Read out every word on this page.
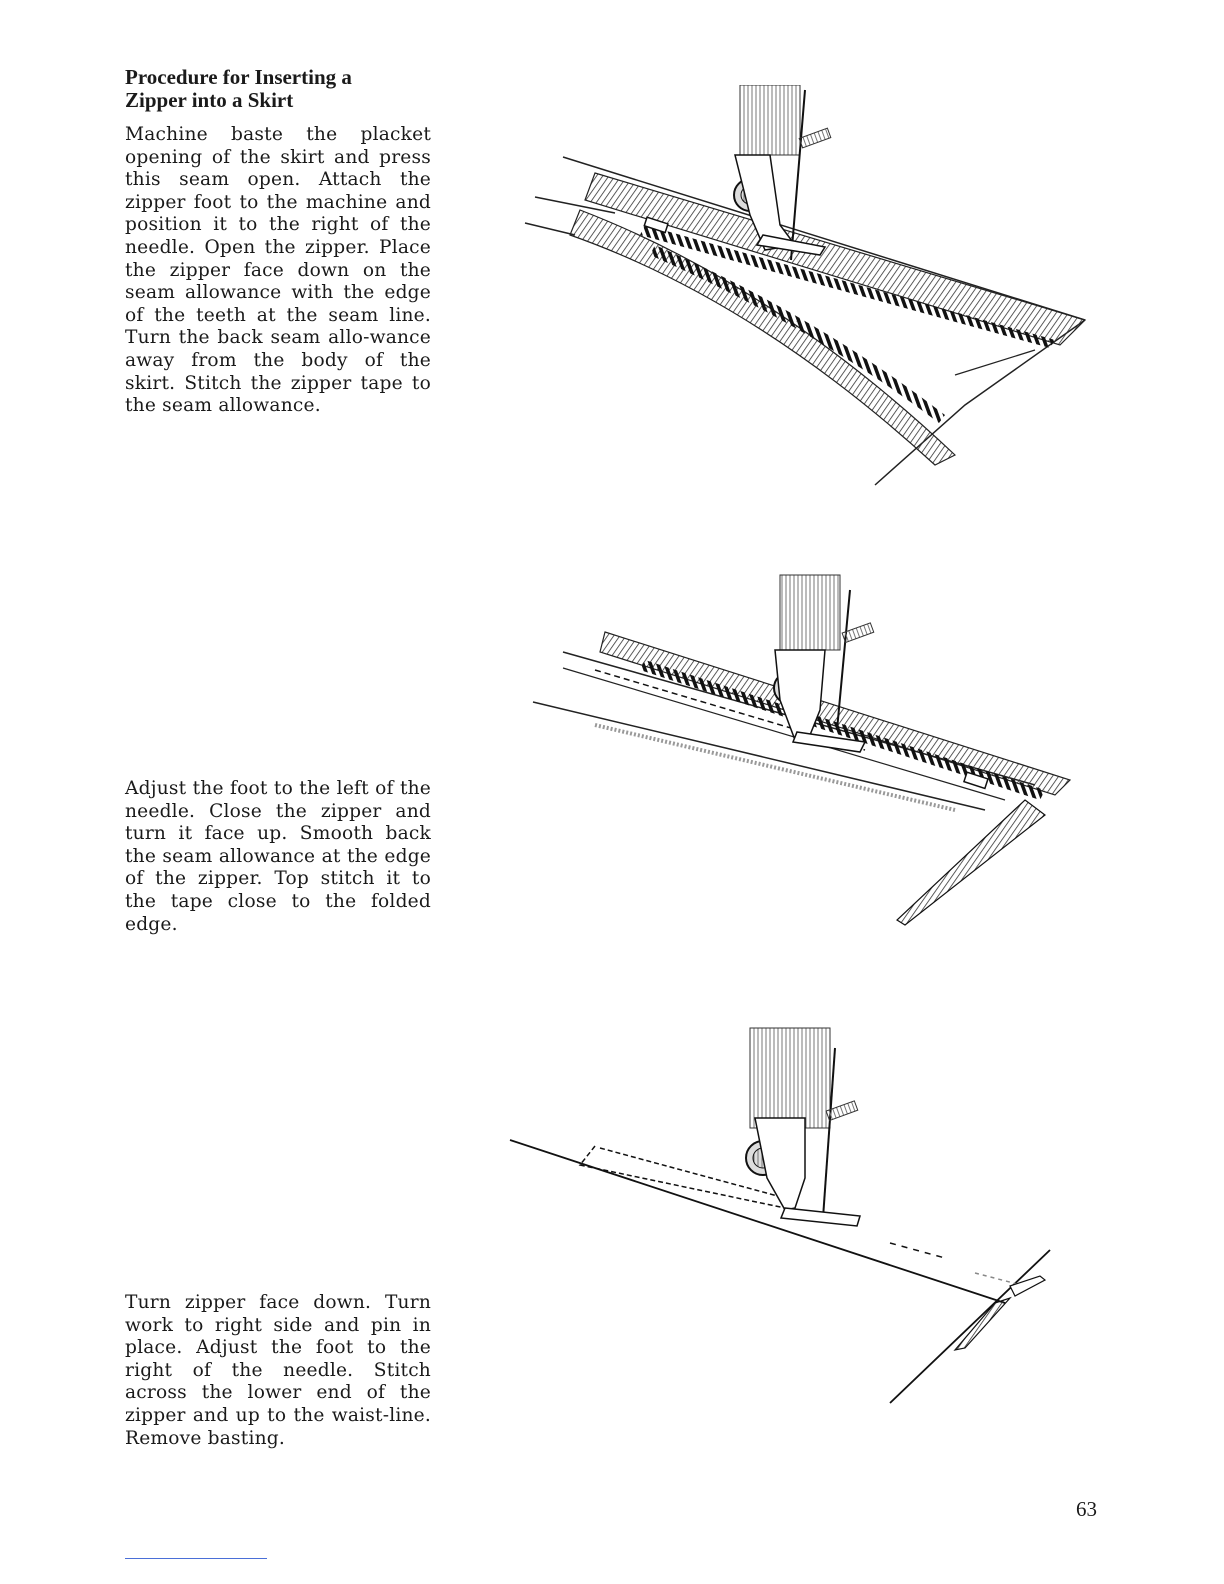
Procedure for Inserting a
Zipper into a Skirt

Machine baste the placket opening of the skirt and press this seam open. Attach the zipper foot to the machine and position it to the right of the needle. Open the zipper. Place the zipper face down on the seam allowance with the edge of the teeth at the seam line. Turn the back seam allo-wance away from the body of the skirt. Stitch the zipper tape to the seam allowance.

Adjust the foot to the left of the needle. Close the zipper and turn it face up. Smooth back the seam allowance at the edge of the zipper. Top stitch it to the tape close to the folded edge.

Turn zipper face down. Turn work to right side and pin in place. Adjust the foot to the right of the needle. Stitch across the lower end of the zipper and up to the waist-line. Remove basting.

63
